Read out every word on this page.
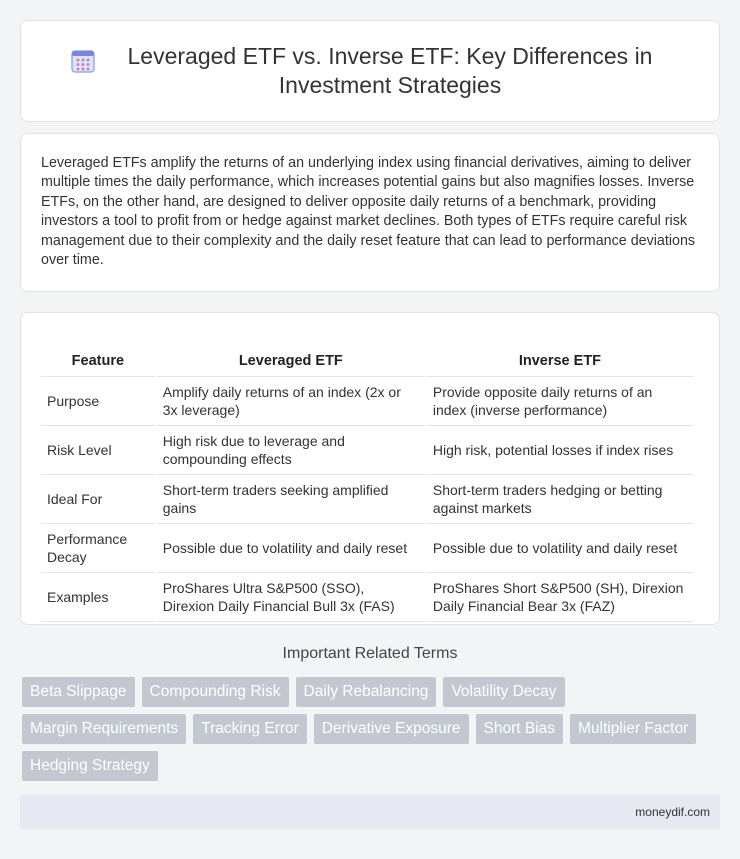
Leveraged ETF vs. Inverse ETF: Key Differences in Investment Strategies

Leveraged ETFs amplify the returns of an underlying index using financial derivatives, aiming to deliver multiple times the daily performance, which increases potential gains but also magnifies losses. Inverse ETFs, on the other hand, are designed to deliver opposite daily returns of a benchmark, providing investors a tool to profit from or hedge against market declines. Both types of ETFs require careful risk management due to their complexity and the daily reset feature that can lead to performance deviations over time.

Feature	Leveraged ETF	Inverse ETF
Purpose	Amplify daily returns of an index (2x or 3x leverage)	Provide opposite daily returns of an index (inverse performance)
Risk Level	High risk due to leverage and compounding effects	High risk, potential losses if index rises
Ideal For	Short-term traders seeking amplified gains	Short-term traders hedging or betting against markets
Performance Decay	Possible due to volatility and daily reset	Possible due to volatility and daily reset
Examples	ProShares Ultra S&P500 (SSO), Direxion Daily Financial Bull 3x (FAS)	ProShares Short S&P500 (SH), Direxion Daily Financial Bear 3x (FAZ)
Important Related Terms
Beta Slippage	Compounding Risk	Daily Rebalancing	Volatility Decay
Margin Requirements	Tracking Error	Derivative Exposure	Short Bias	Multiplier Factor
Hedging Strategy
moneydif.com
